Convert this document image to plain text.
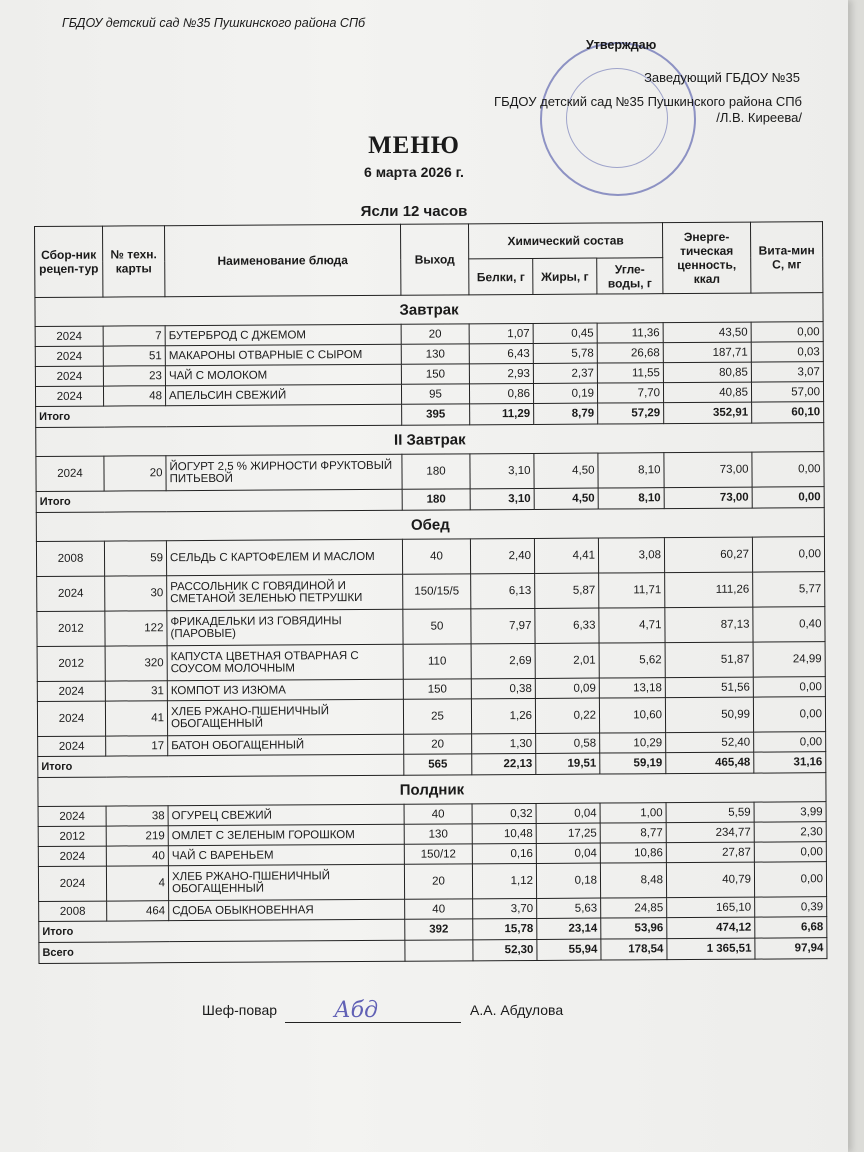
ГБДОУ детский сад №35 Пушкинского района СПб
Утверждаю
Заведующий ГБДОУ №35
ГБДОУ детский сад №35 Пушкинского района СПб
/Л.В. Киреева/
МЕНЮ
6 марта 2026 г.
Ясли 12 часов
Сбор-ник рецеп-тур	№ техн. карты	Наименование блюда	Выход	Химический состав			Энерге-тическая ценность, ккал	Вита-мин С, мг
				Белки, г	Жиры, г	Угле-воды, г		
Завтрак								
2024	7	БУТЕРБРОД С ДЖЕМОМ	20	1,07	0,45	11,36	43,50	0,00
2024	51	МАКАРОНЫ ОТВАРНЫЕ С СЫРОМ	130	6,43	5,78	26,68	187,71	0,03
2024	23	ЧАЙ С МОЛОКОМ	150	2,93	2,37	11,55	80,85	3,07
2024	48	АПЕЛЬСИН СВЕЖИЙ	95	0,86	0,19	7,70	40,85	57,00
Итого			395	11,29	8,79	57,29	352,91	60,10
II Завтрак								
2024	20	ЙОГУРТ 2,5 % ЖИРНОСТИ ФРУКТОВЫЙ ПИТЬЕВОЙ	180	3,10	4,50	8,10	73,00	0,00
Итого			180	3,10	4,50	8,10	73,00	0,00
Обед								
2008	59	СЕЛЬДЬ С КАРТОФЕЛЕМ И МАСЛОМ	40	2,40	4,41	3,08	60,27	0,00
2024	30	РАССОЛЬНИК С ГОВЯДИНОЙ И СМЕТАНОЙ ЗЕЛЕНЬЮ ПЕТРУШКИ	150/15/5	6,13	5,87	11,71	111,26	5,77
2012	122	ФРИКАДЕЛЬКИ ИЗ ГОВЯДИНЫ (ПАРОВЫЕ)	50	7,97	6,33	4,71	87,13	0,40
2012	320	КАПУСТА ЦВЕТНАЯ ОТВАРНАЯ С СОУСОМ МОЛОЧНЫМ	110	2,69	2,01	5,62	51,87	24,99
2024	31	КОМПОТ ИЗ ИЗЮМА	150	0,38	0,09	13,18	51,56	0,00
2024	41	ХЛЕБ РЖАНО-ПШЕНИЧНЫЙ ОБОГАЩЕННЫЙ	25	1,26	0,22	10,60	50,99	0,00
2024	17	БАТОН ОБОГАЩЕННЫЙ	20	1,30	0,58	10,29	52,40	0,00
Итого			565	22,13	19,51	59,19	465,48	31,16
Полдник								
2024	38	ОГУРЕЦ СВЕЖИЙ	40	0,32	0,04	1,00	5,59	3,99
2012	219	ОМЛЕТ С ЗЕЛЕНЫМ ГОРОШКОМ	130	10,48	17,25	8,77	234,77	2,30
2024	40	ЧАЙ С ВАРЕНЬЕМ	150/12	0,16	0,04	10,86	27,87	0,00
2024	4	ХЛЕБ РЖАНО-ПШЕНИЧНЫЙ ОБОГАЩЕННЫЙ	20	1,12	0,18	8,48	40,79	0,00
2008	464	СДОБА ОБЫКНОВЕННАЯ	40	3,70	5,63	24,85	165,10	0,39
Итого			392	15,78	23,14	53,96	474,12	6,68
Всего				52,30	55,94	178,54	1 365,51	97,94
Шеф-повар	Абд	А.А. Абдулова
